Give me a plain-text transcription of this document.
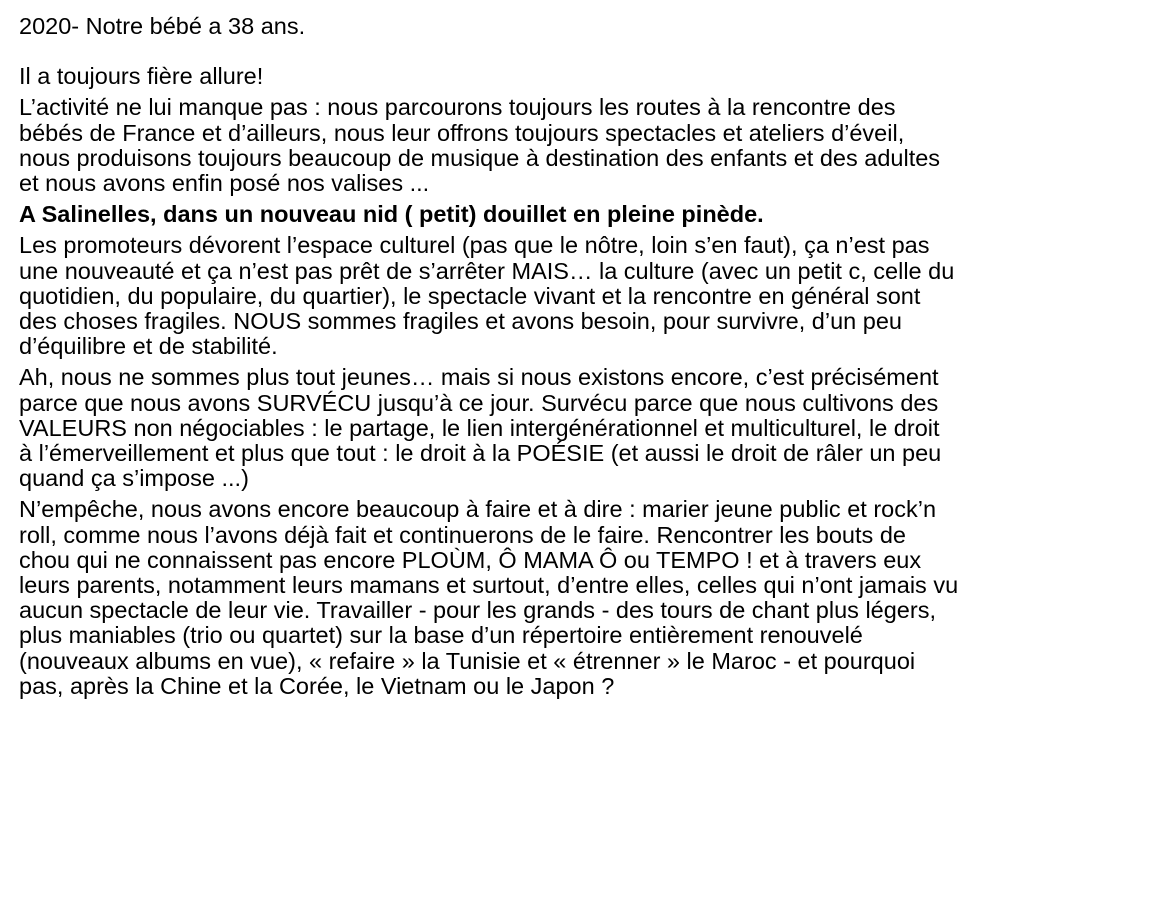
2020- Notre bébé a 38 ans.
Il a toujours fière allure!
L’activité ne lui manque pas : nous parcourons toujours les routes à la rencontre des
bébés de France et d’ailleurs, nous leur offrons toujours spectacles et ateliers d’éveil,
nous produisons toujours beaucoup de musique à destination des enfants et des adultes
et nous avons enfin posé nos valises ...
A Salinelles, dans un nouveau nid ( petit) douillet en pleine pinède.
Les promoteurs dévorent l’espace culturel (pas que le nôtre, loin s’en faut), ça n’est pas
une nouveauté et ça n’est pas prêt de s’arrêter MAIS… la culture (avec un petit c, celle du
quotidien, du populaire, du quartier), le spectacle vivant et la rencontre en général sont
des choses fragiles. NOUS sommes fragiles et avons besoin, pour survivre, d’un peu
d’équilibre et de stabilité.
Ah, nous ne sommes plus tout jeunes… mais si nous existons encore, c’est précisément
parce que nous avons SURVÉCU jusqu’à ce jour. Survécu parce que nous cultivons des
VALEURS non négociables : le partage, le lien intergénérationnel et multiculturel, le droit
à l’émerveillement et plus que tout : le droit à la POÉSIE (et aussi le droit de râler un peu
quand ça s’impose ...)
N’empêche, nous avons encore beaucoup à faire et à dire : marier jeune public et rock’n
roll, comme nous l’avons déjà fait et continuerons de le faire. Rencontrer les bouts de
chou qui ne connaissent pas encore PLOÙM, Ô MAMA Ô ou TEMPO ! et à travers eux
leurs parents, notamment leurs mamans et surtout, d’entre elles, celles qui n’ont jamais vu
aucun spectacle de leur vie. Travailler - pour les grands - des tours de chant plus légers,
plus maniables (trio ou quartet) sur la base d’un répertoire entièrement renouvelé
(nouveaux albums en vue), « refaire » la Tunisie et « étrenner » le Maroc - et pourquoi
pas, après la Chine et la Corée, le Vietnam ou le Japon ?
